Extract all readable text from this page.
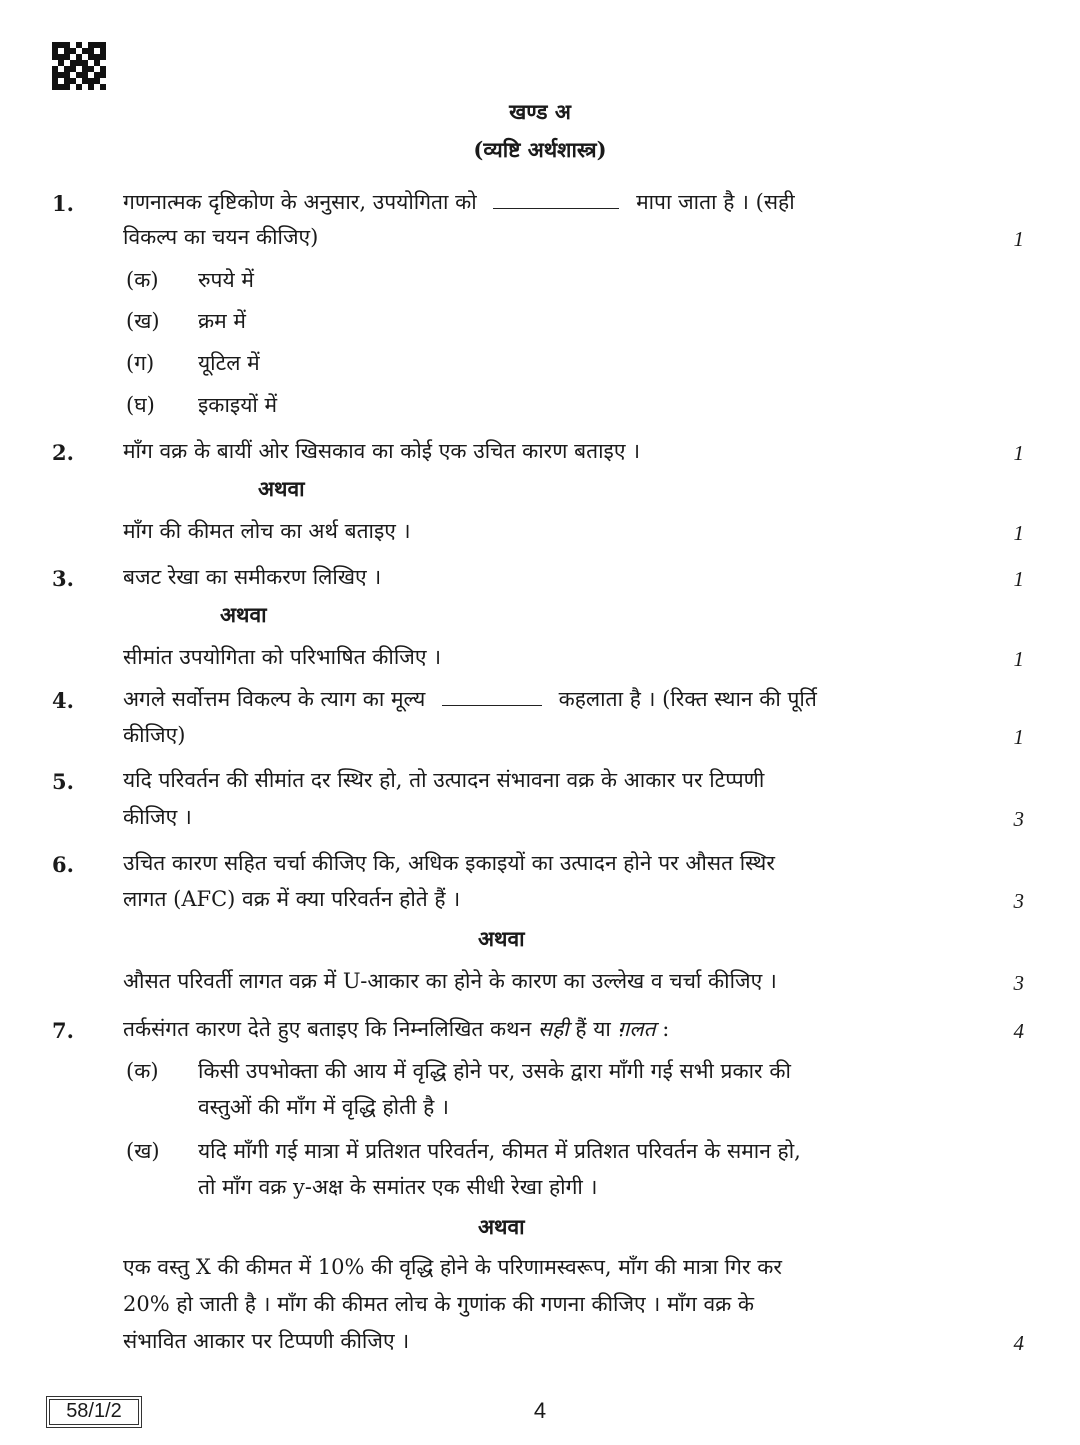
खण्ड अ
(व्यष्टि अर्थशास्त्र)
1. गणनात्मक दृष्टिकोण के अनुसार, उपयोगिता को	मापा जाता है । (सही
विकल्प का चयन कीजिए)	1
(क) रुपये में
(ख) क्रम में
(ग) यूटिल में
(घ) इकाइयों में
2. माँग वक्र के बायीं ओर खिसकाव का कोई एक उचित कारण बताइए ।	1
अथवा
माँग की कीमत लोच का अर्थ बताइए ।	1
3. बजट रेखा का समीकरण लिखिए ।	1
अथवा
सीमांत उपयोगिता को परिभाषित कीजिए ।	1
4. अगले सर्वोत्तम विकल्प के त्याग का मूल्य	कहलाता है । (रिक्त स्थान की पूर्ति
कीजिए)	1
5. यदि परिवर्तन की सीमांत दर स्थिर हो, तो उत्पादन संभावना वक्र के आकार पर टिप्पणी
कीजिए ।	3
6. उचित कारण सहित चर्चा कीजिए कि, अधिक इकाइयों का उत्पादन होने पर औसत स्थिर
लागत (AFC) वक्र में क्या परिवर्तन होते हैं ।	3
अथवा
औसत परिवर्ती लागत वक्र में U-आकार का होने के कारण का उल्लेख व चर्चा कीजिए ।	3
7. तर्कसंगत कारण देते हुए बताइए कि निम्नलिखित कथन सही हैं या ग़लत :	4
(क) किसी उपभोक्ता की आय में वृद्धि होने पर, उसके द्वारा माँगी गई सभी प्रकार की
वस्तुओं की माँग में वृद्धि होती है ।
(ख) यदि माँगी गई मात्रा में प्रतिशत परिवर्तन, कीमत में प्रतिशत परिवर्तन के समान हो,
तो माँग वक्र y-अक्ष के समांतर एक सीधी रेखा होगी ।
अथवा
एक वस्तु X की कीमत में 10% की वृद्धि होने के परिणामस्वरूप, माँग की मात्रा गिर कर
20% हो जाती है । माँग की कीमत लोच के गुणांक की गणना कीजिए । माँग वक्र के
संभावित आकार पर टिप्पणी कीजिए ।	4
58/1/2	4
